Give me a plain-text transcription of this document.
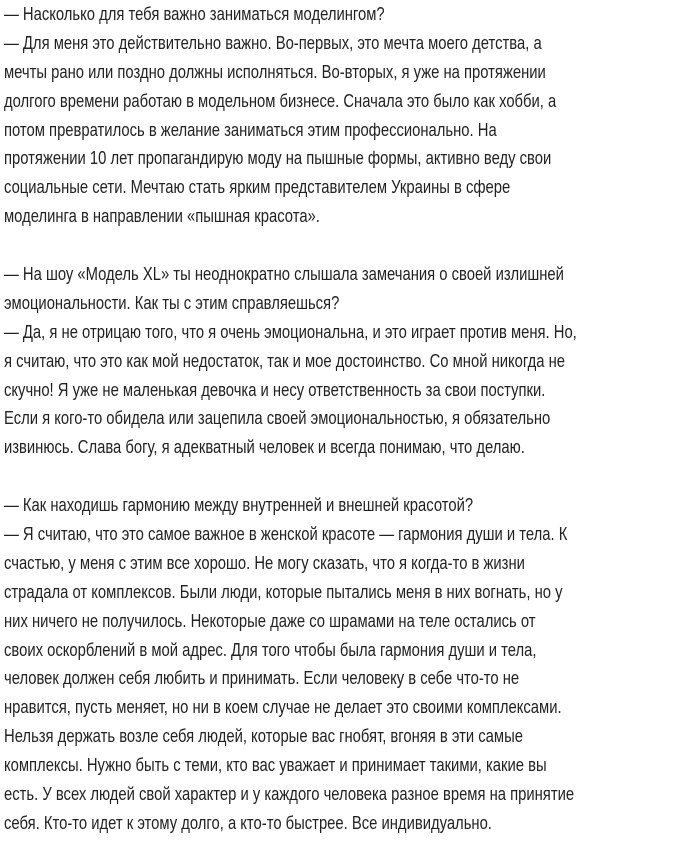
— Насколько для тебя важно заниматься моделингом?
— Для меня это действительно важно. Во-первых, это мечта моего детства, а
мечты рано или поздно должны исполняться. Во-вторых, я уже на протяжении
долгого времени работаю в модельном бизнесе. Сначала это было как хобби, а
потом превратилось в желание заниматься этим профессионально. На
протяжении 10 лет пропагандирую моду на пышные формы, активно веду свои
социальные сети. Мечтаю стать ярким представителем Украины в сфере
моделинга в направлении «пышная красота».
— На шоу «Модель XL» ты неоднократно слышала замечания о своей излишней
эмоциональности. Как ты с этим справляешься?
— Да, я не отрицаю того, что я очень эмоциональна, и это играет против меня. Но,
я считаю, что это как мой недостаток, так и мое достоинство. Со мной никогда не
скучно! Я уже не маленькая девочка и несу ответственность за свои поступки.
Если я кого-то обидела или зацепила своей эмоциональностью, я обязательно
извинюсь. Слава богу, я адекватный человек и всегда понимаю, что делаю.
— Как находишь гармонию между внутренней и внешней красотой?
— Я считаю, что это самое важное в женской красоте — гармония души и тела. К
счастью, у меня с этим все хорошо. Не могу сказать, что я когда-то в жизни
страдала от комплексов. Были люди, которые пытались меня в них вогнать, но у
них ничего не получилось. Некоторые даже со шрамами на теле остались от
своих оскорблений в мой адрес. Для того чтобы была гармония души и тела,
человек должен себя любить и принимать. Если человеку в себе что-то не
нравится, пусть меняет, но ни в коем случае не делает это своими комплексами.
Нельзя держать возле себя людей, которые вас гнобят, вгоняя в эти самые
комплексы. Нужно быть с теми, кто вас уважает и принимает такими, какие вы
есть. У всех людей свой характер и у каждого человека разное время на принятие
себя. Кто-то идет к этому долго, а кто-то быстрее. Все индивидуально.
